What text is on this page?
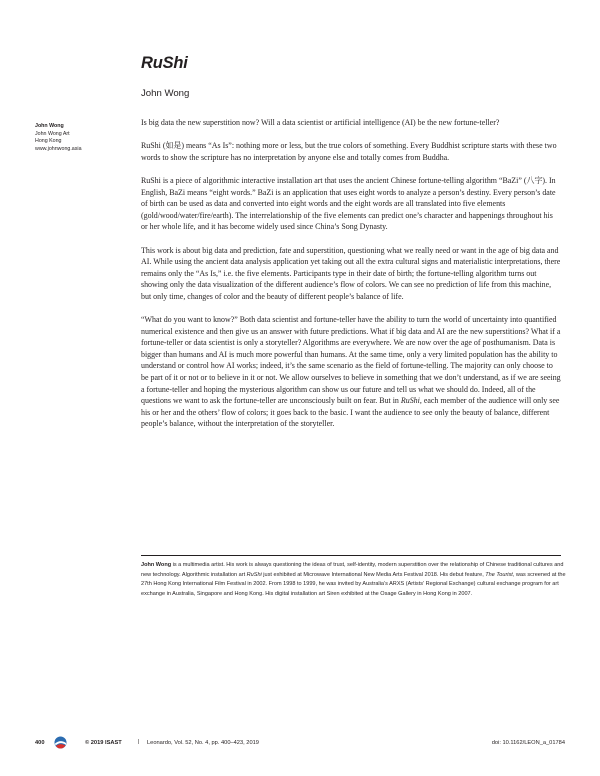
RuShi
John Wong
John Wong
John Wong Art
Hong Kong
www.johnwong.asia

Is big data the new superstition now? Will a data scientist or artificial intelligence (AI) be the new fortune-teller?

RuShi (如是) means “As Is”: nothing more or less, but the true colors of something. Every Buddhist scripture starts with these two words to show the scripture has no interpretation by anyone else and totally comes from Buddha.

RuShi is a piece of algorithmic interactive installation art that uses the ancient Chinese fortune-telling algorithm “BaZi” (八字). In English, BaZi means “eight words.” BaZi is an application that uses eight words to analyze a person’s destiny. Every person’s date of birth can be used as data and converted into eight words and the eight words are all translated into five elements (gold/wood/water/fire/earth). The interrelationship of the five elements can predict one’s character and happenings throughout his or her whole life, and it has become widely used since China’s Song Dynasty.

This work is about big data and prediction, fate and superstition, questioning what we really need or want in the age of big data and AI. While using the ancient data analysis application yet taking out all the extra cultural signs and materialistic interpretations, there remains only the “As Is,” i.e. the five elements. Participants type in their date of birth; the fortune-telling algorithm turns out showing only the data visualization of the different audience’s flow of colors. We can see no prediction of life from this machine, but only time, changes of color and the beauty of different people’s balance of life.

“What do you want to know?” Both data scientist and fortune-teller have the ability to turn the world of uncertainty into quantified numerical existence and then give us an answer with future predictions. What if big data and AI are the new superstitions? What if a fortune-teller or data scientist is only a storyteller? Algorithms are everywhere. We are now over the age of posthumanism. Data is bigger than humans and AI is much more powerful than humans. At the same time, only a very limited population has the ability to understand or control how AI works; indeed, it’s the same scenario as the field of fortune-telling. The majority can only choose to be part of it or not or to believe in it or not. We allow ourselves to believe in something that we don’t understand, as if we are seeing a fortune-teller and hoping the mysterious algorithm can show us our future and tell us what we should do. Indeed, all of the questions we want to ask the fortune-teller are unconsciously built on fear. But in RuShi, each member of the audience will only see his or her and the others’ flow of colors; it goes back to the basic. I want the audience to see only the beauty of balance, different people’s balance, without the interpretation of the storyteller.

John Wong is a multimedia artist. His work is always questioning the ideas of trust, self-identity, modern superstition over the relationship of Chinese traditional cultures and new technology. Algorithmic installation art RuShi just exhibited at Microwave International New Media Arts Festival 2018. His debut feature, The Tourist, was screened at the 27th Hong Kong International Film Festival in 2002. From 1998 to 1999, he was invited by Australia’s ARXS (Artists’ Regional Exchange) cultural exchange program for art exchange in Australia, Singapore and Hong Kong. His digital installation art Siren exhibited at the Osage Gallery in Hong Kong in 2007.
400	© 2019 ISAST	| Leonardo, Vol. 52, No. 4, pp. 400–423, 2019	doi: 10.1162/LEON_a_01784
